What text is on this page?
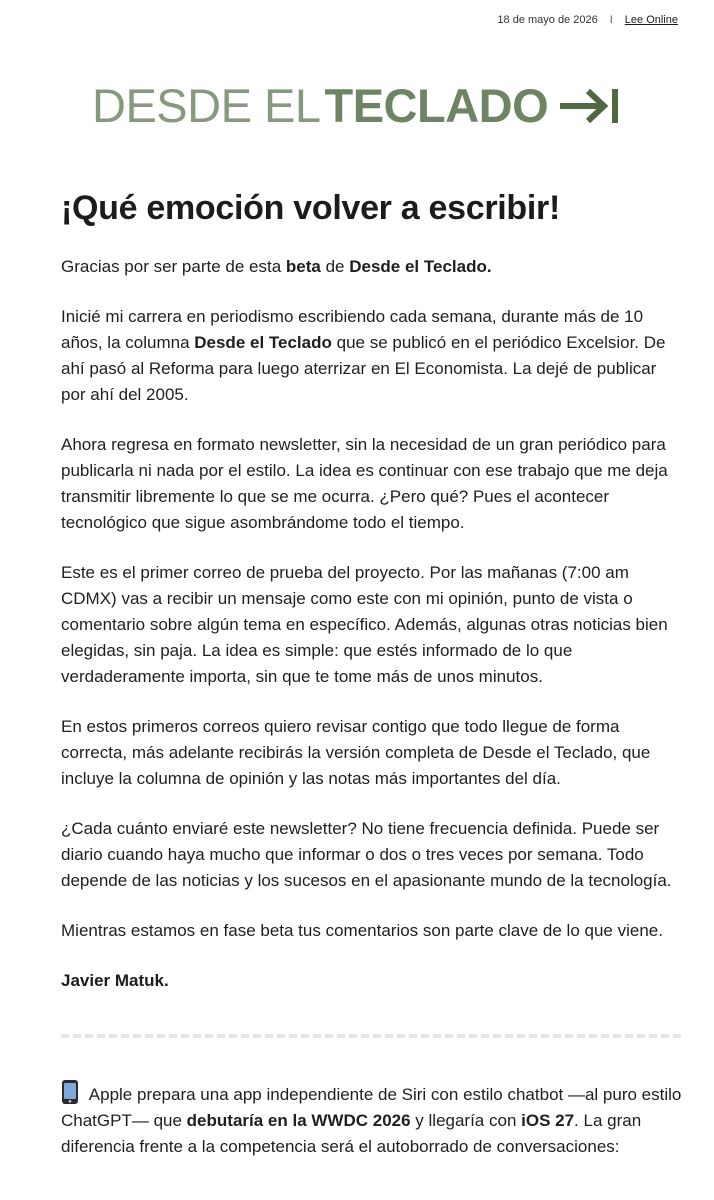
18 de mayo de 2026 I Lee Online
DESDE EL TECLADO
¡Qué emoción volver a escribir!

Gracias por ser parte de esta beta de Desde el Teclado.

Inicié mi carrera en periodismo escribiendo cada semana, durante más de 10 años, la columna Desde el Teclado que se publicó en el periódico Excelsior. De ahí pasó al Reforma para luego aterrizar en El Economista. La dejé de publicar por ahí del 2005.

Ahora regresa en formato newsletter, sin la necesidad de un gran periódico para publicarla ni nada por el estilo. La idea es continuar con ese trabajo que me deja transmitir libremente lo que se me ocurra. ¿Pero qué? Pues el acontecer tecnológico que sigue asombrándome todo el tiempo.

Este es el primer correo de prueba del proyecto. Por las mañanas (7:00 am CDMX) vas a recibir un mensaje como este con mi opinión, punto de vista o comentario sobre algún tema en específico. Además, algunas otras noticias bien elegidas, sin paja. La idea es simple: que estés informado de lo que verdaderamente importa, sin que te tome más de unos minutos.

En estos primeros correos quiero revisar contigo que todo llegue de forma correcta, más adelante recibirás la versión completa de Desde el Teclado, que incluye la columna de opinión y las notas más importantes del día.

¿Cada cuánto enviaré este newsletter? No tiene frecuencia definida. Puede ser diario cuando haya mucho que informar o dos o tres veces por semana. Todo depende de las noticias y los sucesos en el apasionante mundo de la tecnología.

Mientras estamos en fase beta tus comentarios son parte clave de lo que viene.

Javier Matuk.

Apple prepara una app independiente de Siri con estilo chatbot —al puro estilo ChatGPT— que debutaría en la WWDC 2026 y llegaría con iOS 27. La gran diferencia frente a la competencia será el autoborrado de conversaciones:
